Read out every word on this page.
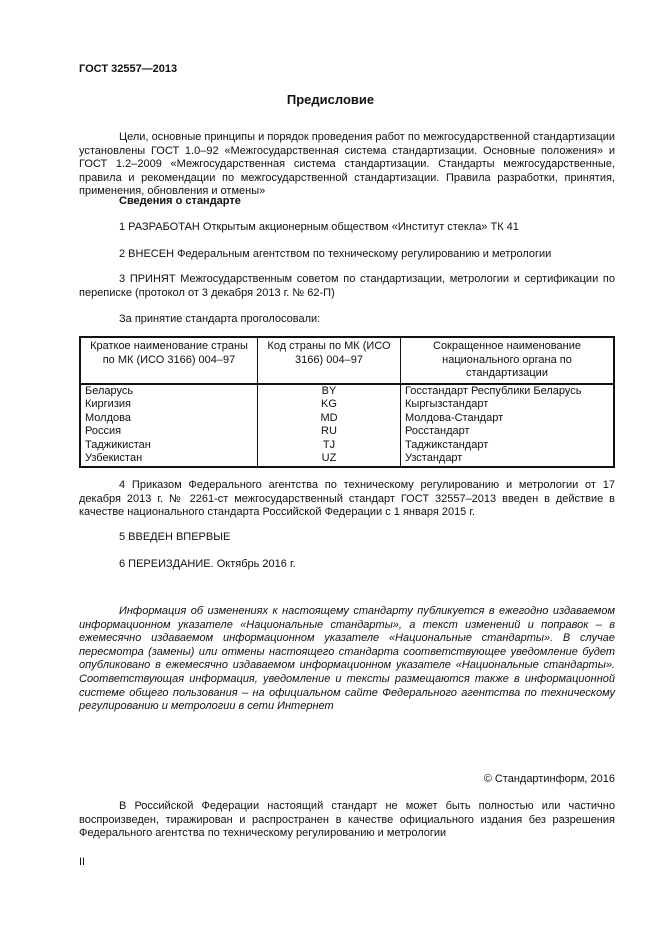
ГОСТ 32557—2013
Предисловие

Цели, основные принципы и порядок проведения работ по межгосударственной стандартизации установлены ГОСТ 1.0–92 «Межгосударственная система стандартизации. Основные положения» и ГОСТ 1.2–2009 «Межгосударственная система стандартизации. Стандарты межгосударственные, правила и рекомендации по межгосударственной стандартизации. Правила разработки, принятия, применения, обновления и отмены»

Сведения о стандарте
1 РАЗРАБОТАН Открытым акционерным обществом «Институт стекла» ТК 41
2 ВНЕСЕН Федеральным агентством по техническому регулированию и метрологии

3 ПРИНЯТ Межгосударственным советом по стандартизации, метрологии и сертификации по переписке (протокол от 3 декабря 2013 г. № 62-П)

За принятие стандарта проголосовали:
Краткое наименование страны по МК (ИСО 3166) 004–97	Код страны по МК (ИСО 3166) 004–97	Сокращенное наименование национального органа по стандартизации
Беларусь	BY	Госстандарт Республики Беларусь
Киргизия	KG	Кыргызстандарт
Молдова	MD	Молдова-Стандарт
Россия	RU	Росстандарт
Таджикистан	TJ	Таджикстандарт
Узбекистан	UZ	Узстандарт

4 Приказом Федерального агентства по техническому регулированию и метрологии от 17 декабря 2013 г. № 2261-ст межгосударственный стандарт ГОСТ 32557–2013 введен в действие в качестве национального стандарта Российской Федерации с 1 января 2015 г.

5 ВВЕДЕН ВПЕРВЫЕ
6 ПЕРЕИЗДАНИЕ. Октябрь 2016 г.

Информация об изменениях к настоящему стандарту публикуется в ежегодно издаваемом информационном указателе «Национальные стандарты», а текст изменений и поправок – в ежемесячно издаваемом информационном указателе «Национальные стандарты». В случае пересмотра (замены) или отмены настоящего стандарта соответствующее уведомление будет опубликовано в ежемесячно издаваемом информационном указателе «Национальные стандарты». Соответствующая информация, уведомление и тексты размещаются также в информационной системе общего пользования – на официальном сайте Федерального агентства по техническому регулированию и метрологии в сети Интернет

© Стандартинформ, 2016

В Российской Федерации настоящий стандарт не может быть полностью или частично воспроизведен, тиражирован и распространен в качестве официального издания без разрешения Федерального агентства по техническому регулированию и метрологии

II
